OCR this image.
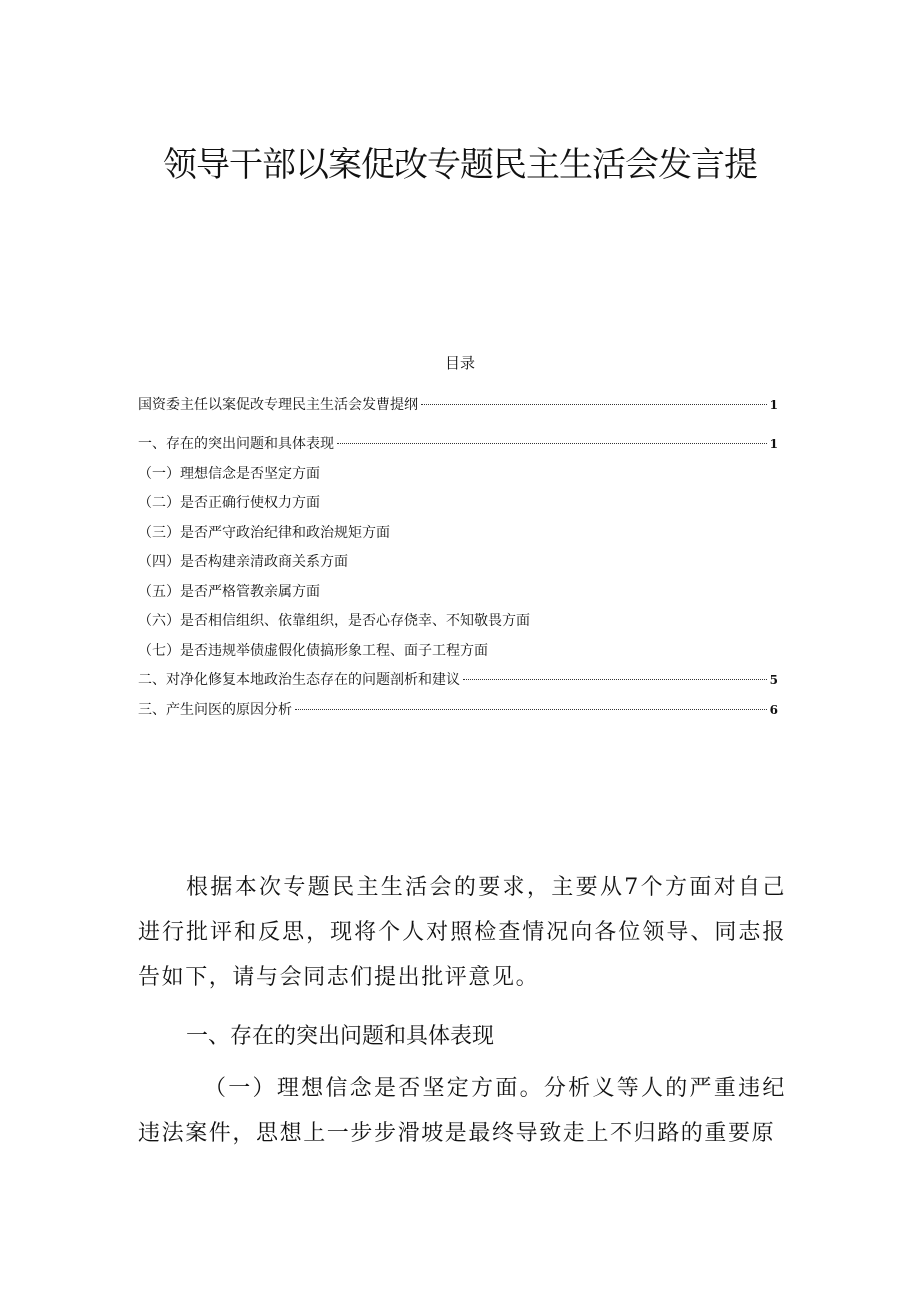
领导干部以案促改专题民主生活会发言提
目录
国资委主任以案促改专理民主生活会发曹提纲	1
一、存在的突出问题和具体表现	1
（一）理想信念是否坚定方面
（二）是否正确行使权力方面
（三）是否严守政治纪律和政治规矩方面
（四）是否构建亲清政商关系方面
（五）是否严格管教亲属方面
（六）是否相信组织、依靠组织，是否心存侥幸、不知敬畏方面
（七）是否违规举债虚假化债搞形象工程、面子工程方面
二、对净化修复本地政治生态存在的问题剖析和建议	5
三、产生问医的原因分析	6

根据本次专题民主生活会的要求，主要从7个方面对自己进行批评和反思，现将个人对照检查情况向各位领导、同志报告如下，请与会同志们提出批评意见。

一、存在的突出问题和具体表现

（一）理想信念是否坚定方面。分析义等人的严重违纪违法案件，思想上一步步滑坡是最终导致走上不归路的重要原
